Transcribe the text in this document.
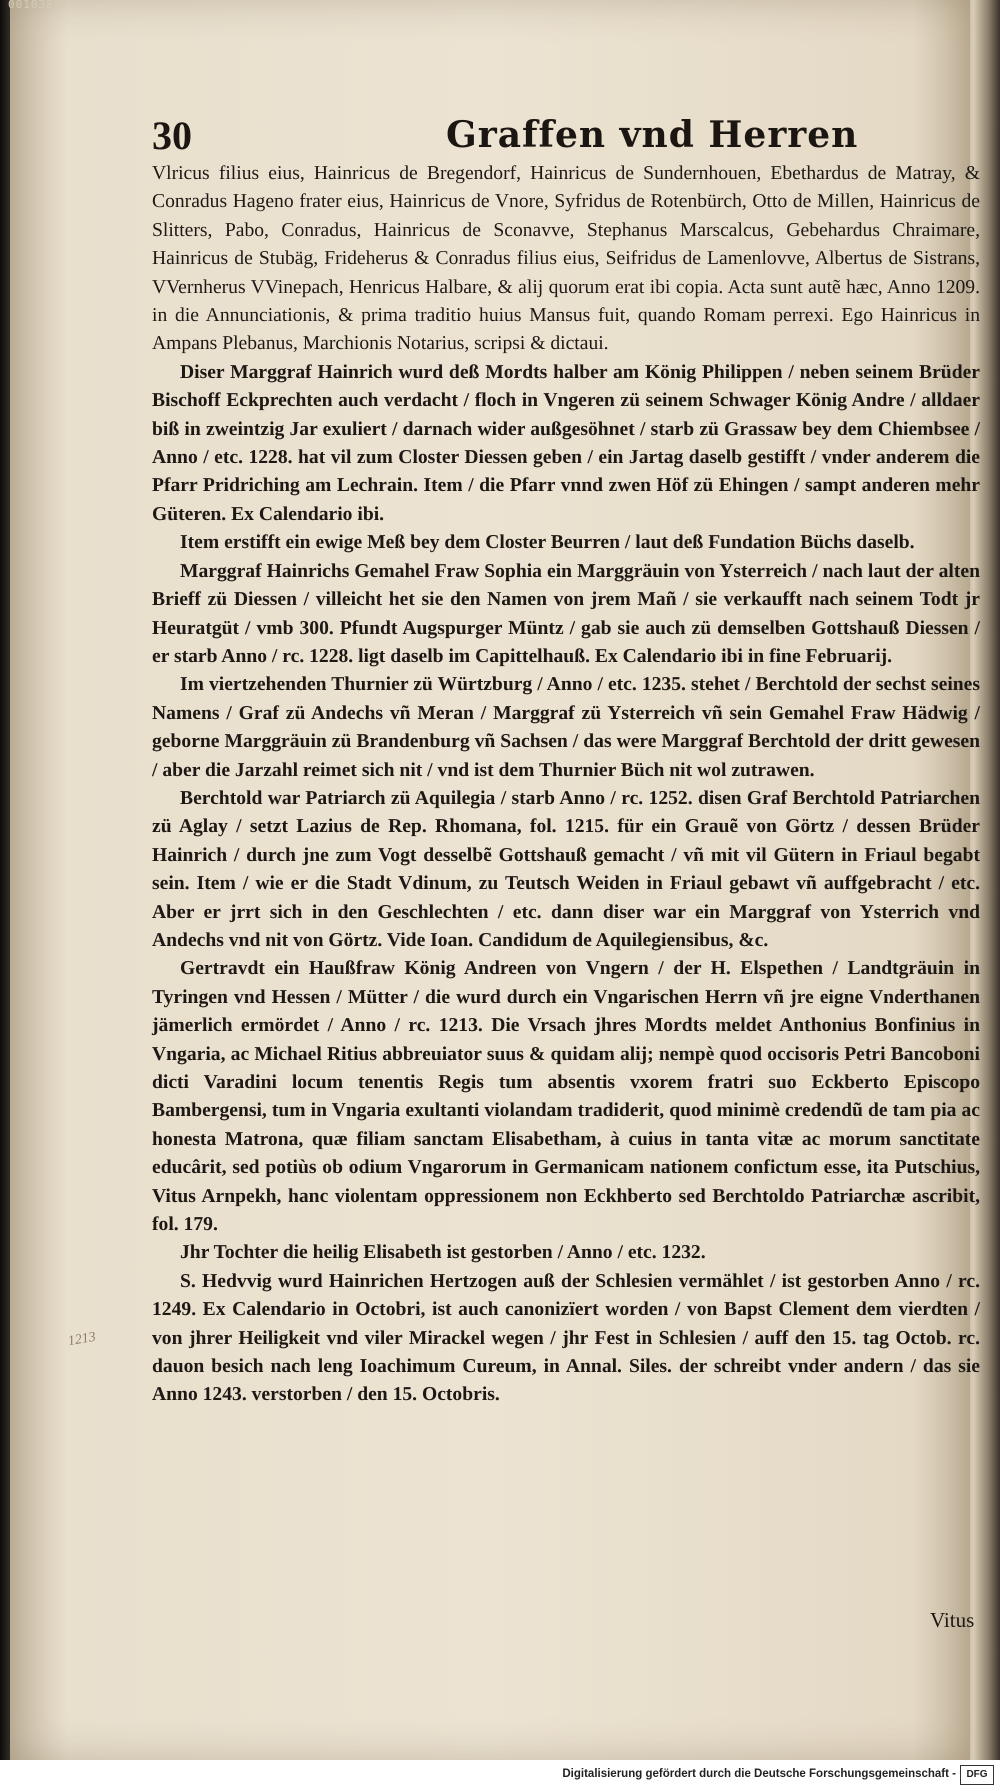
00103887
1213
30	Graffen vnd Herren

Vlricus filius eius, Hainricus de Bregendorf, Hainricus de Sundernhouen, Ebethardus de Matray, & Conradus Hageno frater eius, Hainricus de Vnore, Syfridus de Rotenbürch, Otto de Millen, Hainricus de Slitters, Pabo, Conradus, Hainricus de Sconavve, Stephanus Marscalcus, Gebehardus Chraimare, Hainricus de Stubäg, Frideherus & Conradus filius eius, Seifridus de Lamenlovve, Albertus de Sistrans, VVernherus VVinepach, Henricus Halbare, & alij quorum erat ibi copia. Acta sunt autẽ hæc, Anno 1209. in die Annunciationis, & prima traditio huius Mansus fuit, quando Romam perrexi. Ego Hainricus in Ampans Plebanus, Marchionis Notarius, scripsi & dictaui.

Diser Marggraf Hainrich wurd deß Mordts halber am König Philippen / neben seinem Brüder Bischoff Eckprechten auch verdacht / floch in Vngeren zü seinem Schwager König Andre / alldaer biß in zweintzig Jar exuliert / darnach wider außgesöhnet / starb zü Grassaw bey dem Chiembsee / Anno / etc. 1228. hat vil zum Closter Diessen geben / ein Jartag daselb gestifft / vnder anderem die Pfarr Pridriching am Lechrain. Item / die Pfarr vnnd zwen Höf zü Ehingen / sampt anderen mehr Güteren. Ex Calendario ibi.

Item erstifft ein ewige Meß bey dem Closter Beurren / laut deß Fundation Büchs daselb.

Marggraf Hainrichs Gemahel Fraw Sophia ein Marggräuin von Ysterreich / nach laut der alten Brieff zü Diessen / villeicht het sie den Namen von jrem Mañ / sie verkaufft nach seinem Todt jr Heuratgüt / vmb 300. Pfundt Augspurger Müntz / gab sie auch zü demselben Gottshauß Diessen / er starb Anno / rc. 1228. ligt daselb im Capittelhauß. Ex Calendario ibi in fine Februarij.

Im viertzehenden Thurnier zü Würtzburg / Anno / etc. 1235. stehet / Berchtold der sechst seines Namens / Graf zü Andechs vñ Meran / Marggraf zü Ysterreich vñ sein Gemahel Fraw Hädwig / geborne Marggräuin zü Brandenburg vñ Sachsen / das were Marggraf Berchtold der dritt gewesen / aber die Jarzahl reimet sich nit / vnd ist dem Thurnier Büch nit wol zutrawen.

Berchtold war Patriarch zü Aquilegia / starb Anno / rc. 1252. disen Graf Berchtold Patriarchen zü Aglay / setzt Lazius de Rep. Rhomana, fol. 1215. für ein Grauẽ von Görtz / dessen Brüder Hainrich / durch jne zum Vogt desselbẽ Gottshauß gemacht / vñ mit vil Gütern in Friaul begabt sein. Item / wie er die Stadt Vdinum, zu Teutsch Weiden in Friaul gebawt vñ auffgebracht / etc. Aber er jrrt sich in den Geschlechten / etc. dann diser war ein Marggraf von Ysterrich vnd Andechs vnd nit von Görtz. Vide Ioan. Candidum de Aquilegiensibus, &c.

Gertravdt ein Haußfraw König Andreen von Vngern / der H. Elspethen / Landtgräuin in Tyringen vnd Hessen / Mütter / die wurd durch ein Vngarischen Herrn vñ jre eigne Vnderthanen jämerlich ermördet / Anno / rc. 1213. Die Vrsach jhres Mordts meldet Anthonius Bonfinius in Vngaria, ac Michael Ritius abbreuiator suus & quidam alij; nempè quod occisoris Petri Bancoboni dicti Varadini locum tenentis Regis tum absentis vxorem fratri suo Eckberto Episcopo Bambergensi, tum in Vngaria exultanti violandam tradiderit, quod minimè credendũ de tam pia ac honesta Matrona, quæ filiam sanctam Elisabetham, à cuius in tanta vitæ ac morum sanctitate educârit, sed potiùs ob odium Vngarorum in Germanicam nationem confictum esse, ita Putschius, Vitus Arnpekh, hanc violentam oppressionem non Eckhberto sed Berchtoldo Patriarchæ ascribit, fol. 179.

Jhr Tochter die heilig Elisabeth ist gestorben / Anno / etc. 1232.

S. Hedvvig wurd Hainrichen Hertzogen auß der Schlesien vermählet / ist gestorben Anno / rc. 1249. Ex Calendario in Octobri, ist auch canonizïert worden / von Bapst Clement dem vierdten / von jhrer Heiligkeit vnd viler Mirackel wegen / jhr Fest in Schlesien / auff den 15. tag Octob. rc. dauon besich nach leng Ioachimum Cureum, in Annal. Siles. der schreibt vnder andern / das sie Anno 1243. verstorben / den 15. Octobris.

Vitus
Digitalisierung gefördert durch die Deutsche Forschungsgemeinschaft -	DFG
